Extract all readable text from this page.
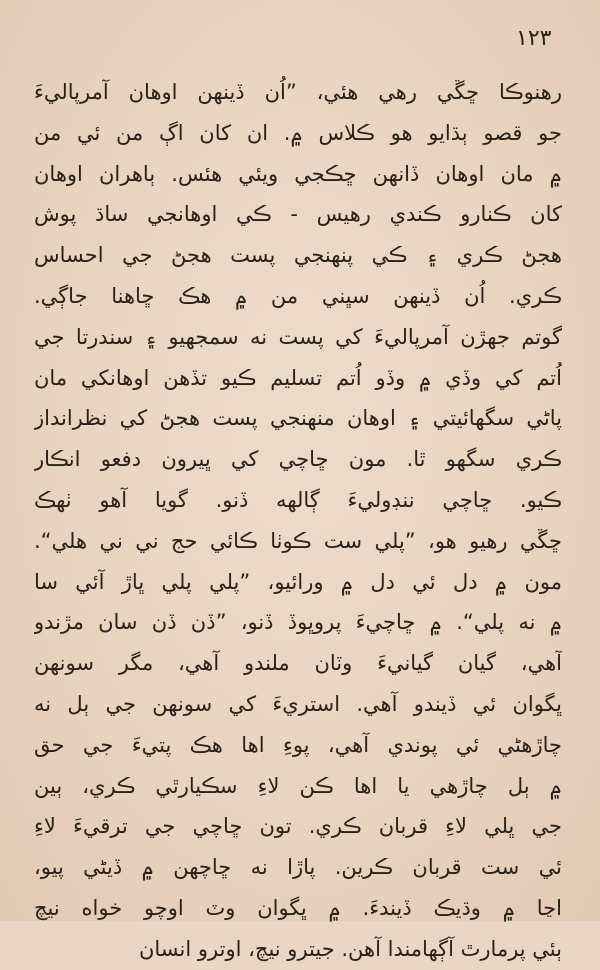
١٢٣
رهنوڪا ڇڱي رهي هئي، ”اُن ڏينهن اوهان آمرپاليءَ
جو قصو ٻڌايو هو ڪلاس ۾. ان کان اڳ من ئي من
۾ مان اوهان ڏانهن ڇڪجي ويئي هئس. ٻاهران اوهان
کان ڪنارو ڪندي رهيس - ڪي اوهانجي ساڌ پوش
هجڻ ڪري ۽ ڪي پنهنجي پست هجڻ جي احساس
ڪري. اُن ڏينهن سڀني من ۾ هڪ ڇاهنا جاڳي.
گوتم جهڙن آمرپاليءَ کي پست نه سمجهيو ۽ سندرتا جي
اُتم کي وڏي ۾ وڏو اُتم تسليم ڪيو تڏهن اوهانکي مان
پاڻي سگهائيتي ۽ اوهان منهنجي پست هجڻ کي نظرانداز
ڪري سگهو ٿا. مون ڇاچي کي ڀيرون دفعو انڪار
ڪيو. ڇاچي ننڊوليءَ ڳالهه ڏنو. گويا آهو ٺهڪ
ڇڱي رهيو هو، ”پلي ست ڪوٺا ڪائي حج ني ني هلي“.
مون ۾ دل ئي دل ۾ ورائيو، ”پلي پلي ڀاڙ آئي سا
۾ نه پلي“. ۾ ڇاچيءَ پروڀوڏ ڏنو، ”ڏن ڏن سان مڙندو
آهي، گيان گيانيءَ وٽان ملندو آهي، مگر سونهن
ڀگوان ئي ڏيندو آهي. استريءَ کي سونهن جي ٻل نه
چاڙهڻي ئي پوندي آهي، پوءِ اها هڪ پتيءَ جي حق
۾ ٻل چاڙهي يا اها ڪن لاءِ سڪيارٿي ڪري، ٻين
جي ڀلي لاءِ قربان ڪري. تون ڇاچي جي ترقيءَ لاءِ
ئي ست قربان ڪرين. پاڙا نه ڇاچهن ۾ ڏيڻي پيو،
اڃا ۾ وڌيڪ ڏيندءَ. ۾ ڀگوان وٽ اوچو خواه نيچ
ٻئي پرمارٿ آڳهامندا آهن. جيترو نيچ، اوترو انسان
